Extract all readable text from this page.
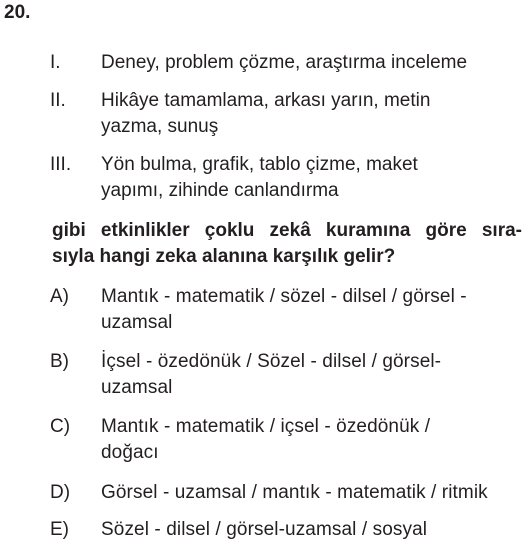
20.
I. Deney, problem çözme, araştırma inceleme
II. Hikâye tamamlama, arkası yarın, metin
yazma, sunuş
III. Yön bulma, grafik, tablo çizme, maket
yapımı, zihinde canlandırma
gibi etkinlikler çoklu zekâ kuramına göre sıra-
sıyla hangi zeka alanına karşılık gelir?
A) Mantık - matematik / sözel - dilsel / görsel -
uzamsal
B) İçsel - özedönük / Sözel - dilsel / görsel-
uzamsal
C) Mantık - matematik / içsel - özedönük /
doğacı
D) Görsel - uzamsal / mantık - matematik / ritmik
E) Sözel - dilsel / görsel-uzamsal / sosyal
